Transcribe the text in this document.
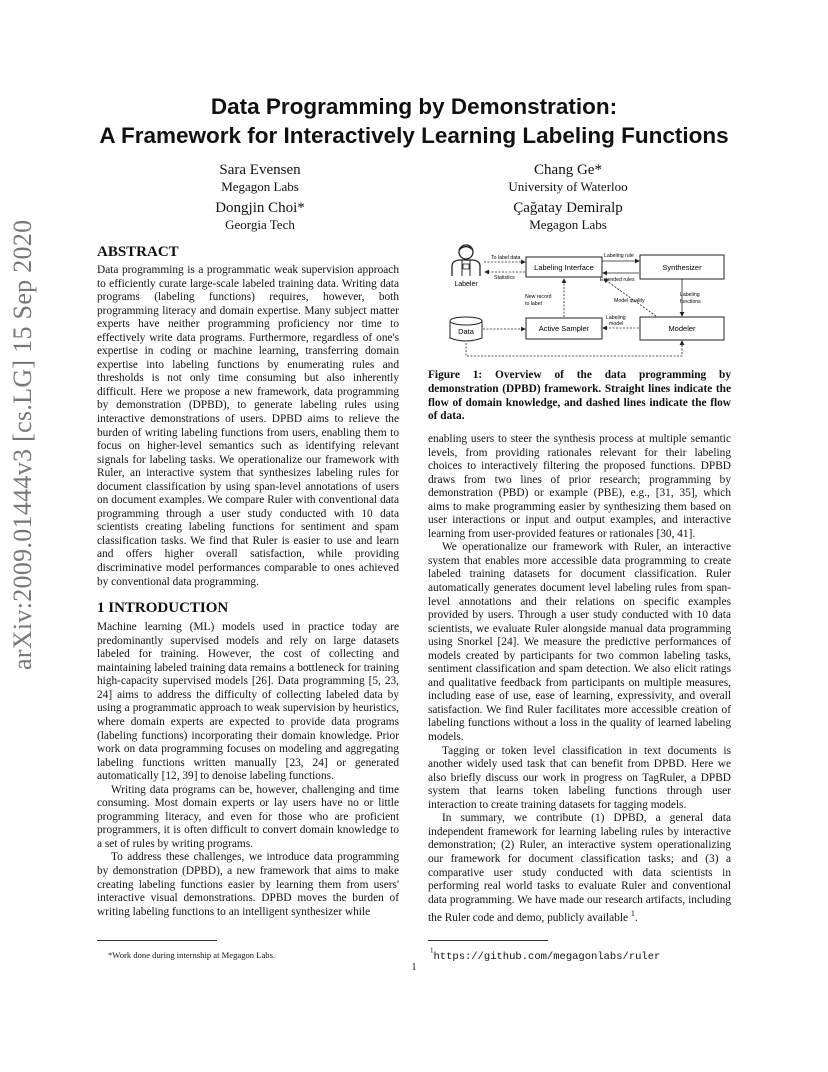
Data Programming by Demonstration:
A Framework for Interactively Learning Labeling Functions
Sara Evensen
Megagon Labs
Chang Ge*
University of Waterloo
Dongjin Choi*
Georgia Tech
Çağatay Demiralp
Megagon Labs
arXiv:2009.01444v3 [cs.LG] 15 Sep 2020	ABSTRACT

Data programming is a programmatic weak supervision approach to efficiently curate large-scale labeled training data. Writing data programs (labeling functions) requires, however, both programming literacy and domain expertise. Many subject matter experts have neither programming proficiency nor time to effectively write data programs. Furthermore, regardless of one's expertise in coding or machine learning, transferring domain expertise into labeling functions by enumerating rules and thresholds is not only time consuming but also inherently difficult. Here we propose a new framework, data programming by demonstration (DPBD), to generate labeling rules using interactive demonstrations of users. DPBD aims to relieve the burden of writing labeling functions from users, enabling them to focus on higher-level semantics such as identifying relevant signals for labeling tasks. We operationalize our framework with Ruler, an interactive system that synthesizes labeling rules for document classification by using span-level annotations of users on document examples. We compare Ruler with conventional data programming through a user study conducted with 10 data scientists creating labeling functions for sentiment and spam classification tasks. We find that Ruler is easier to use and learn and offers higher overall satisfaction, while providing discriminative model performances comparable to ones achieved by conventional data programming.

1 INTRODUCTION

Machine learning (ML) models used in practice today are predominantly supervised models and rely on large datasets labeled for training. However, the cost of collecting and maintaining labeled training data remains a bottleneck for training high-capacity supervised models [26]. Data programming [5, 23, 24] aims to address the difficulty of collecting labeled data by using a programmatic approach to weak supervision by heuristics, where domain experts are expected to provide data programs (labeling functions) incorporating their domain knowledge. Prior work on data programming focuses on modeling and aggregating labeling functions written manually [23, 24] or generated automatically [12, 39] to denoise labeling functions.

Writing data programs can be, however, challenging and time consuming. Most domain experts or lay users have no or little programming literacy, and even for those who are proficient programmers, it is often difficult to convert domain knowledge to a set of rules by writing programs.

To address these challenges, we introduce data programming by demonstration (DPBD), a new framework that aims to make creating labeling functions easier by learning them from users' interactive visual demonstrations. DPBD moves the burden of writing labeling functions to an intelligent synthesizer while

*Work done during internship at Megagon Labs.
Labeler
Data
Labeling Interface	Synthesizer
Active Sampler	Modeler
To label data
Statistics
Labeling rule
Extended rules
New record
to label	Model quality
Labeling
functions
Labeling
model
Figure 1: Overview of the data programming by demonstration (DPBD) framework. Straight lines indicate the flow of domain knowledge, and dashed lines indicate the flow of data.

enabling users to steer the synthesis process at multiple semantic levels, from providing rationales relevant for their labeling choices to interactively filtering the proposed functions. DPBD draws from two lines of prior research; programming by demonstration (PBD) or example (PBE), e.g., [31, 35], which aims to make programming easier by synthesizing them based on user interactions or input and output examples, and interactive learning from user-provided features or rationales [30, 41].

We operationalize our framework with Ruler, an interactive system that enables more accessible data programming to create labeled training datasets for document classification. Ruler automatically generates document level labeling rules from span-level annotations and their relations on specific examples provided by users. Through a user study conducted with 10 data scientists, we evaluate Ruler alongside manual data programming using Snorkel [24]. We measure the predictive performances of models created by participants for two common labeling tasks, sentiment classification and spam detection. We also elicit ratings and qualitative feedback from participants on multiple measures, including ease of use, ease of learning, expressivity, and overall satisfaction. We find Ruler facilitates more accessible creation of labeling functions without a loss in the quality of learned labeling models.

Tagging or token level classification in text documents is another widely used task that can benefit from DPBD. Here we also briefly discuss our work in progress on TagRuler, a DPBD system that learns token labeling functions through user interaction to create training datasets for tagging models.

In summary, we contribute (1) DPBD, a general data independent framework for learning labeling rules by interactive demonstration; (2) Ruler, an interactive system operationalizing our framework for document classification tasks; and (3) a comparative user study conducted with data scientists in performing real world tasks to evaluate Ruler and conventional data programming. We have made our research artifacts, including the Ruler code and demo, publicly available $^1$.

$^1$https://github.com/megagonlabs/ruler
1
